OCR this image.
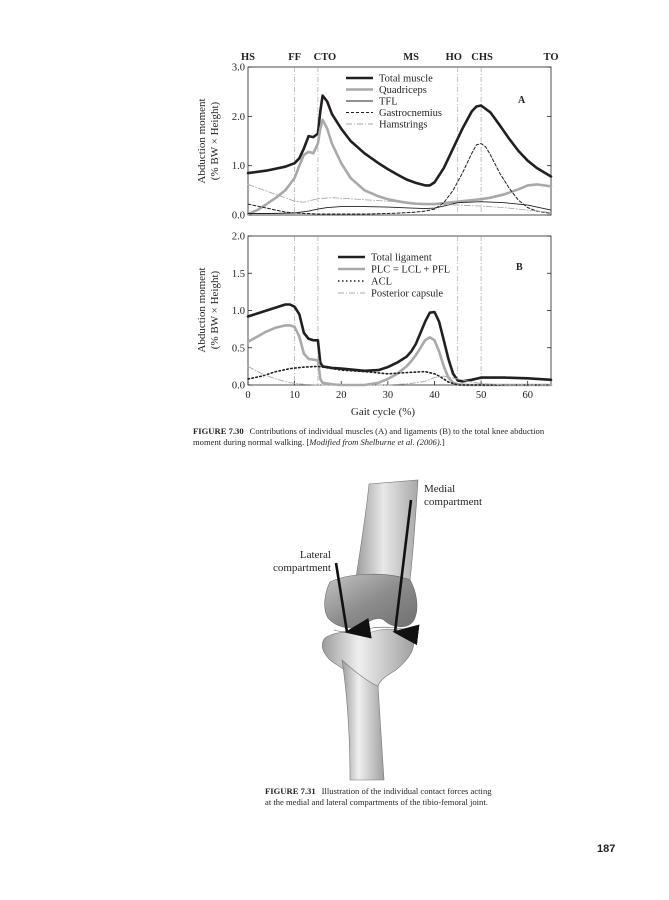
HS	FF CTO	MS	HO CHS	TO
0.0
1.0
2.0
3.0
A
Total muscle
Quadriceps
TFL
Gastrocnemius
Hamstrings
Abduction moment (% BW × Height)
0.0
0.5
1.0
1.5
2.0
0	10	20	30	40	50	60
B
Total ligament
PLC = LCL + PFL
ACL
Posterior capsule
Abduction moment (% BW × Height)
Gait cycle (%)
FIGURE 7.30 Contributions of individual muscles (A) and ligaments (B) to the total knee abduction moment during normal walking. [Modified from Shelburne et al. (2006).]
Medial
compartment
Lateral
compartment
FIGURE 7.31 Illustration of the individual contact forces acting at the medial and lateral compartments of the tibio-femoral joint.
187
